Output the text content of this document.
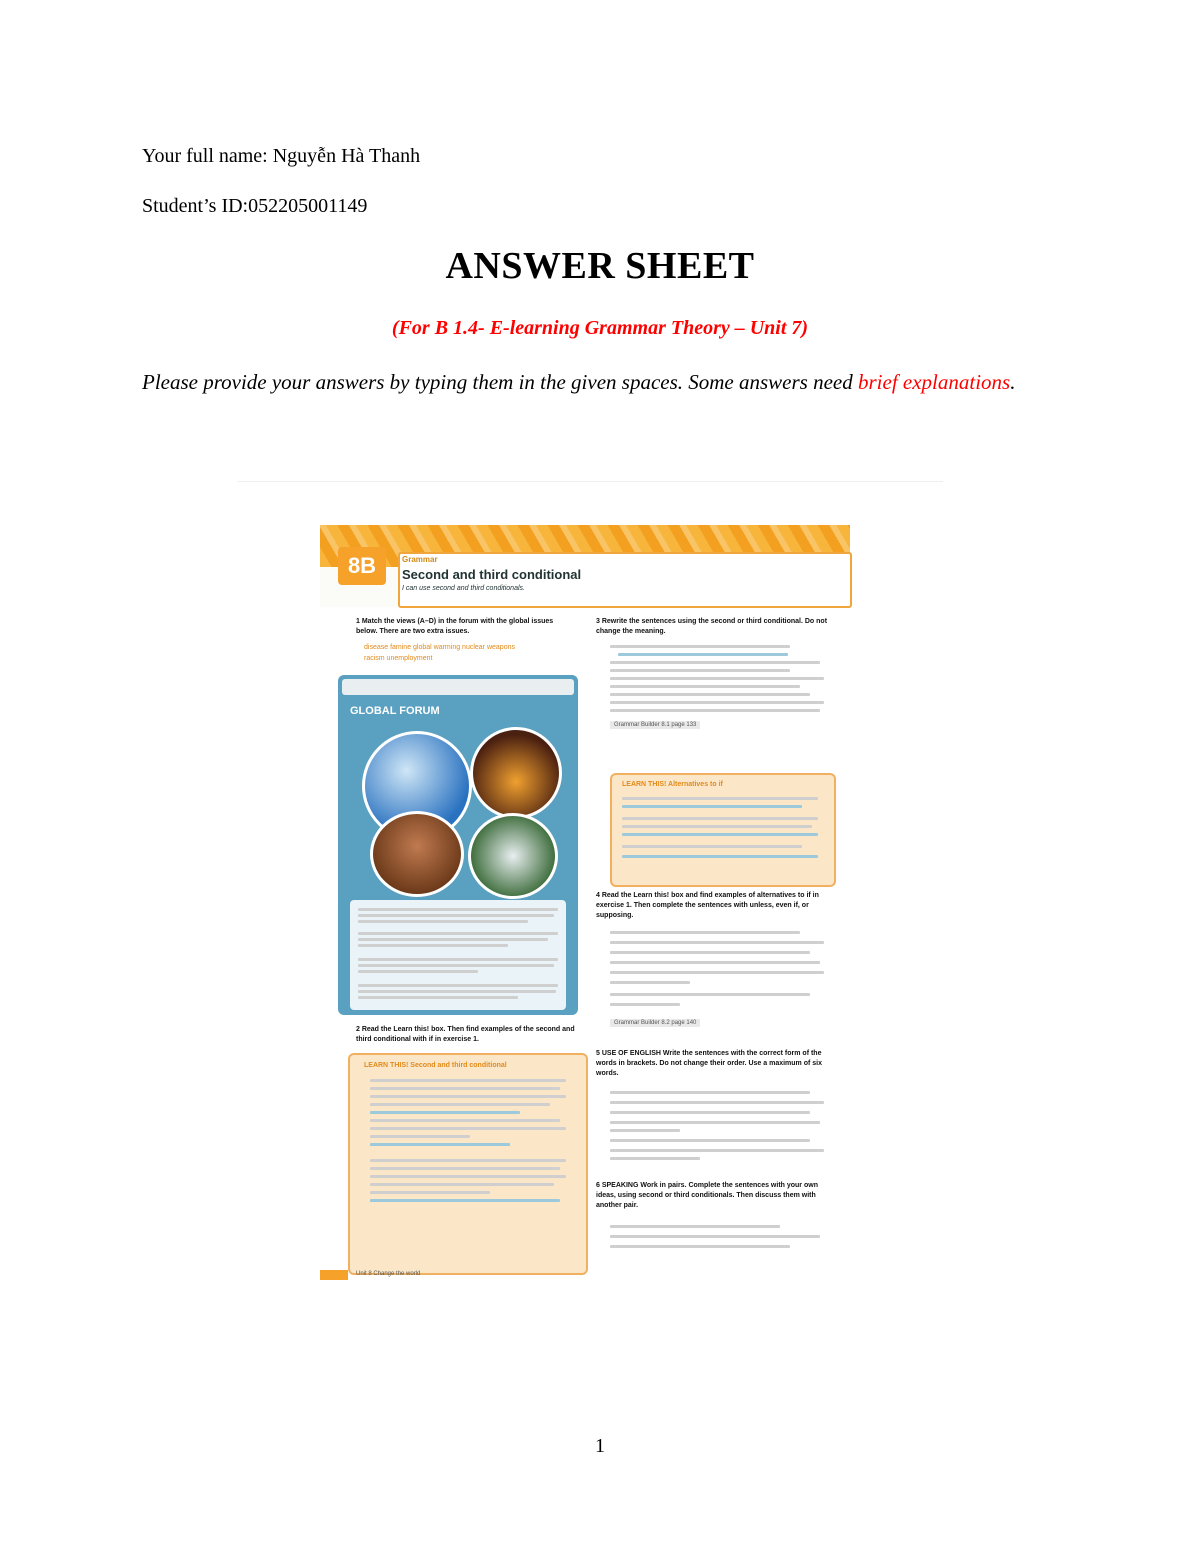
Your full name: Nguyễn Hà Thanh
Student’s ID:052205001149
ANSWER SHEET
(For B 1.4- E-learning Grammar Theory – Unit 7)
Please provide your answers by typing them in the given spaces. Some answers need brief explanations.
8B	Grammar
Second and third conditional
I can use second and third conditionals.
1 Match the views (A–D) in the forum with the global issues below. There are two extra issues.
disease famine global warming nuclear weapons
racism unemployment
GLOBAL FORUM
2 Read the Learn this! box. Then find examples of the second and third conditional with if in exercise 1.
LEARN THIS! Second and third conditional
Unit 8 Change the world
3 Rewrite the sentences using the second or third conditional. Do not change the meaning.
Grammar Builder 8.1 page 133
LEARN THIS! Alternatives to if
4 Read the Learn this! box and find examples of alternatives to if in exercise 1. Then complete the sentences with unless, even if, or supposing.
Grammar Builder 8.2 page 140
5 USE OF ENGLISH Write the sentences with the correct form of the words in brackets. Do not change their order. Use a maximum of six words.
6 SPEAKING Work in pairs. Complete the sentences with your own ideas, using second or third conditionals. Then discuss them with another pair.
1
